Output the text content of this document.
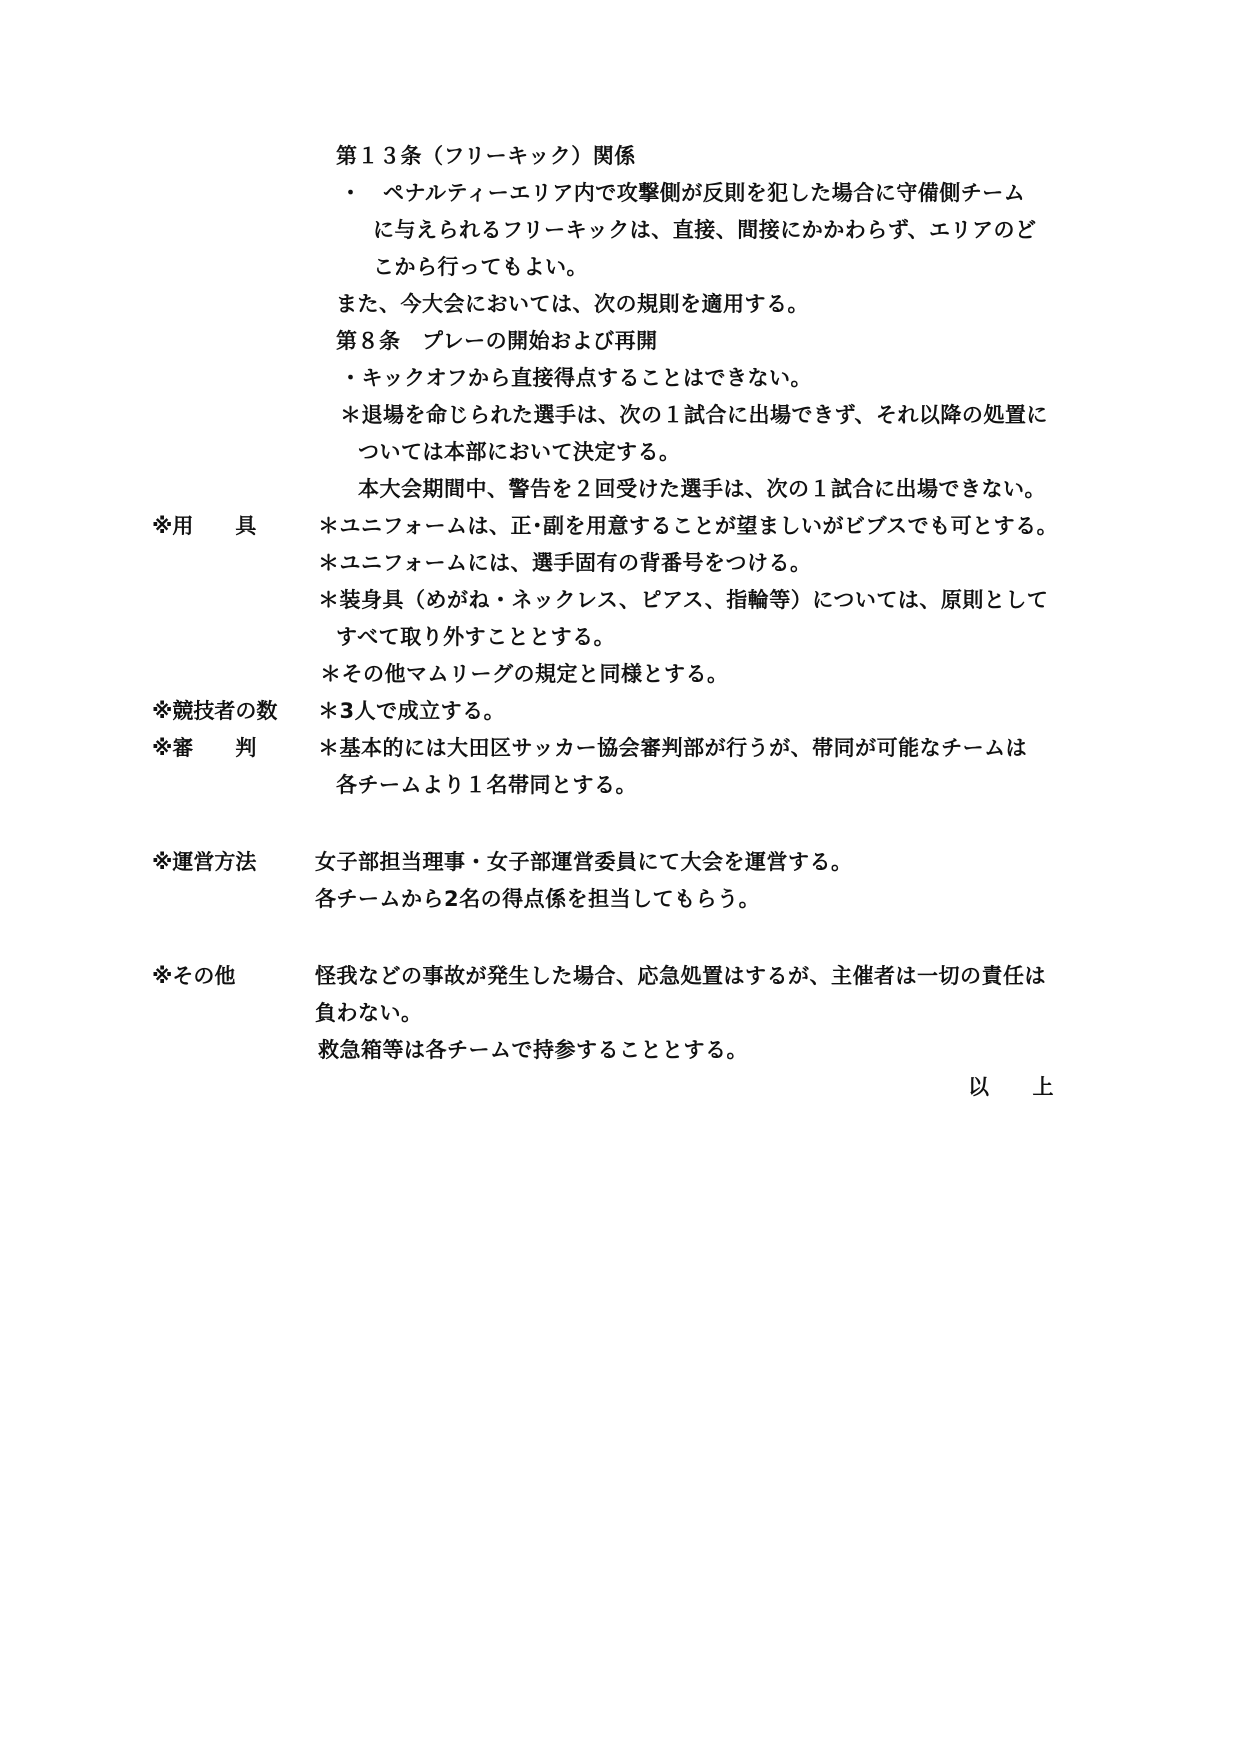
第１３条（フリーキック）関係
・　ペナルティーエリア内で攻撃側が反則を犯した場合に守備側チーム
に与えられるフリーキックは、直接、間接にかかわらず、エリアのど
こから行ってもよい。
また、今大会においては、次の規則を適用する。
第８条　プレーの開始および再開
・キックオフから直接得点することはできない。
＊退場を命じられた選手は、次の１試合に出場できず、それ以降の処置に
ついては本部において決定する。
本大会期間中、警告を２回受けた選手は、次の１試合に出場できない。
※用　　具	＊ユニフォームは、正･副を用意することが望ましいがビブスでも可とする。
＊ユニフォームには、選手固有の背番号をつける。
＊装身具（めがね・ネックレス、ピアス、指輪等）については、原則として
すべて取り外すこととする。
＊その他マムリーグの規定と同様とする。
※競技者の数 ＊3人で成立する。
※審　　判	＊基本的には大田区サッカー協会審判部が行うが、帯同が可能なチームは
各チームより１名帯同とする。
※運営方法	女子部担当理事・女子部運営委員にて大会を運営する。
各チームから2名の得点係を担当してもらう。
※その他	怪我などの事故が発生した場合、応急処置はするが、主催者は一切の責任は
負わない。
救急箱等は各チームで持参することとする。
以　　上
